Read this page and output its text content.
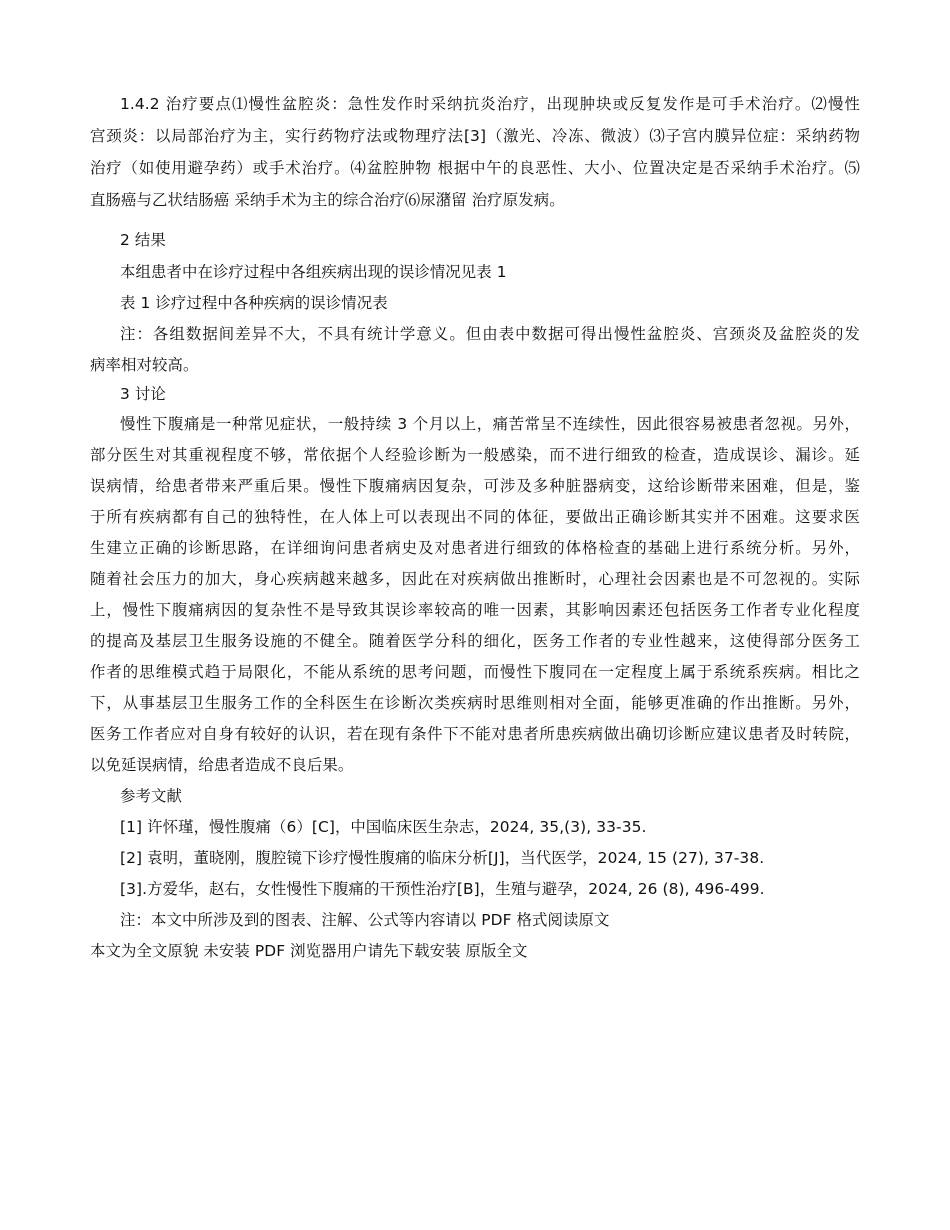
1.4.2 治疗要点⑴慢性盆腔炎：急性发作时采纳抗炎治疗，出现肿块或反复发作是可手术治疗。⑵慢性
宫颈炎：以局部治疗为主，实行药物疗法或物理疗法[3]（激光、冷冻、微波）⑶子宫内膜异位症：采纳药物
治疗（如使用避孕药）或手术治疗。⑷盆腔肿物 根据中午的良恶性、大小、位置决定是否采纳手术治疗。⑸
直肠癌与乙状结肠癌 采纳手术为主的综合治疗⑹尿潴留 治疗原发病。
2 结果
本组患者中在诊疗过程中各组疾病出现的误诊情况见表 1
表 1 诊疗过程中各种疾病的误诊情况表
注：各组数据间差异不大，不具有统计学意义。但由表中数据可得出慢性盆腔炎、宫颈炎及盆腔炎的发
病率相对较高。
3 讨论
慢性下腹痛是一种常见症状，一般持续 3 个月以上，痛苦常呈不连续性，因此很容易被患者忽视。另外，
部分医生对其重视程度不够，常依据个人经验诊断为一般感染，而不进行细致的检查，造成误诊、漏诊。延
误病情，给患者带来严重后果。慢性下腹痛病因复杂，可涉及多种脏器病变，这给诊断带来困难，但是，鉴
于所有疾病都有自己的独特性，在人体上可以表现出不同的体征，要做出正确诊断其实并不困难。这要求医
生建立正确的诊断思路，在详细询问患者病史及对患者进行细致的体格检查的基础上进行系统分析。另外，
随着社会压力的加大，身心疾病越来越多，因此在对疾病做出推断时，心理社会因素也是不可忽视的。实际
上，慢性下腹痛病因的复杂性不是导致其误诊率较高的唯一因素，其影响因素还包括医务工作者专业化程度
的提高及基层卫生服务设施的不健全。随着医学分科的细化，医务工作者的专业性越来，这使得部分医务工
作者的思维模式趋于局限化，不能从系统的思考问题，而慢性下腹同在一定程度上属于系统系疾病。相比之
下，从事基层卫生服务工作的全科医生在诊断次类疾病时思维则相对全面，能够更准确的作出推断。另外，
医务工作者应对自身有较好的认识，若在现有条件下不能对患者所患疾病做出确切诊断应建议患者及时转院，
以免延误病情，给患者造成不良后果。
参考文献
[1] 许怀瑾，慢性腹痛（6）[C]，中国临床医生杂志，2024, 35,(3), 33-35.
[2] 袁明，董晓刚，腹腔镜下诊疗慢性腹痛的临床分析[J]，当代医学，2024, 15 (27), 37-38.
[3].方爱华，赵右，女性慢性下腹痛的干预性治疗[B]，生殖与避孕，2024, 26 (8), 496-499.
注：本文中所涉及到的图表、注解、公式等内容请以 PDF 格式阅读原文
本文为全文原貌 未安装 PDF 浏览器用户请先下载安装 原版全文
